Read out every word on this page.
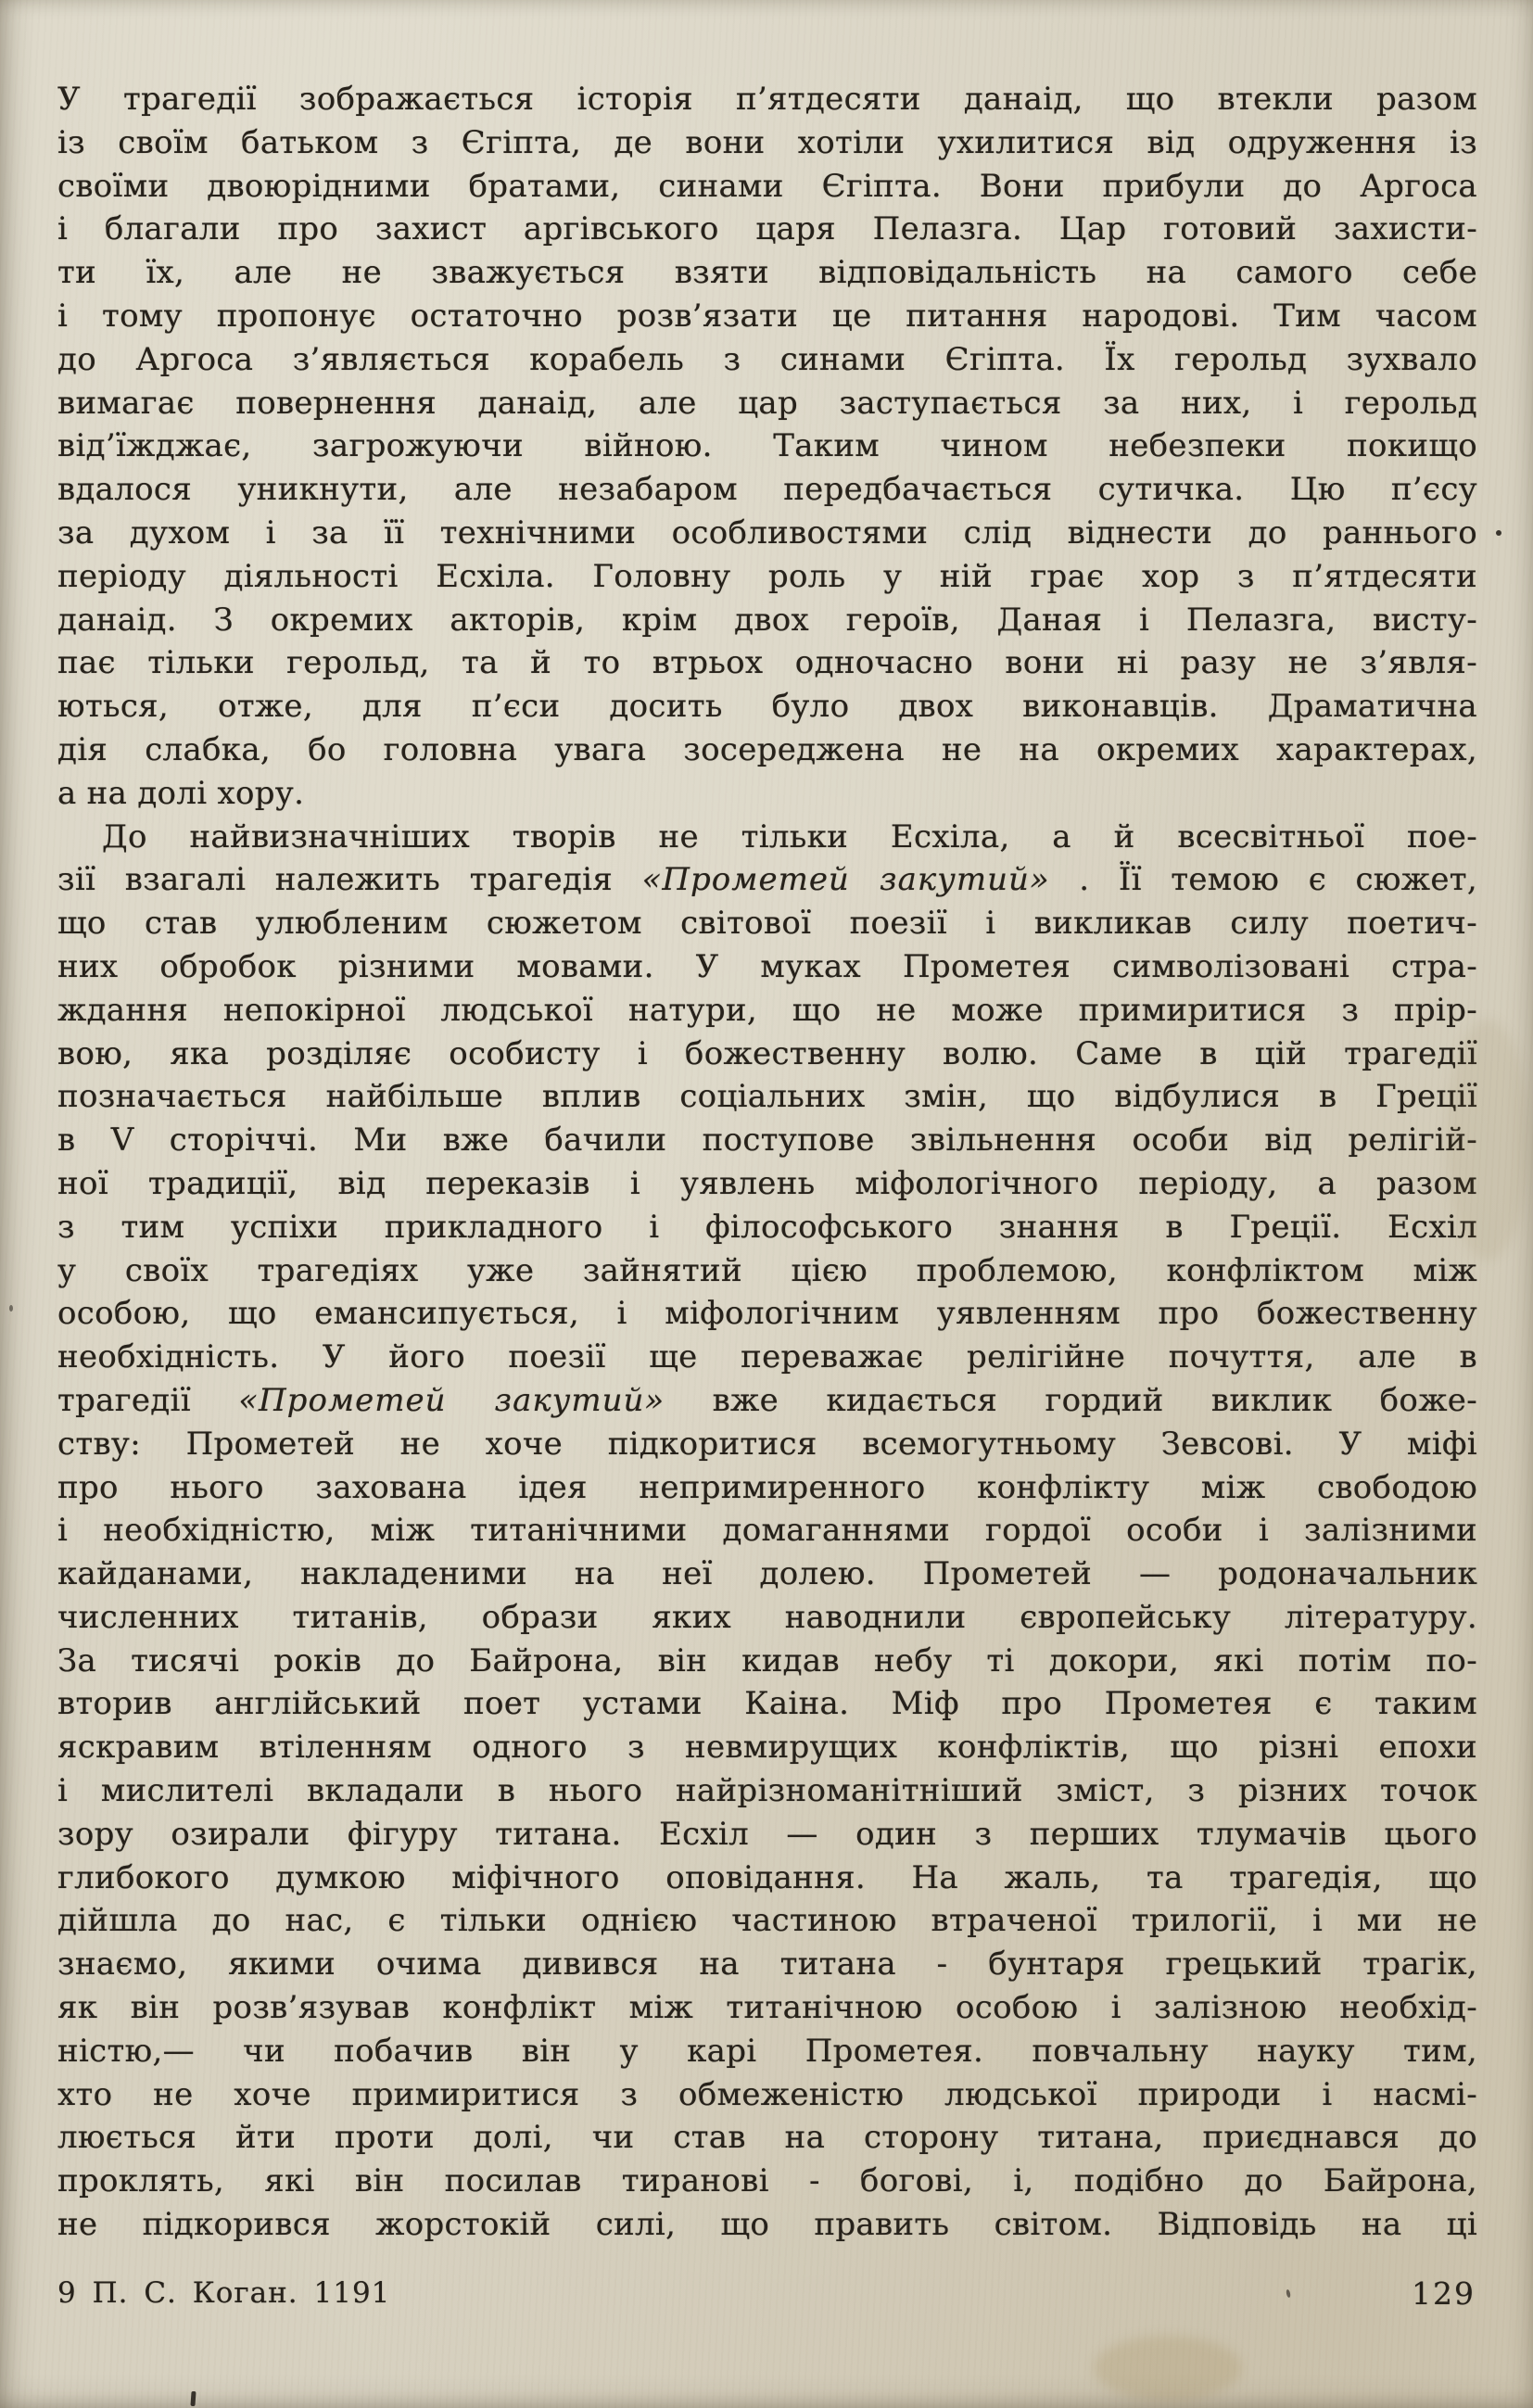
У трагедії зображається історія п’ятдесяти данаід, що втекли разом
із своїм батьком з Єгіпта, де вони хотіли ухилитися від одруження із
своїми двоюрідними братами, синами Єгіпта. Вони прибули до Аргоса
і благали про захист аргівського царя Пелазга. Цар готовий захисти-
ти їх, але не зважується взяти відповідальність на самого себе
і тому пропонує остаточно розв’язати це питання народові. Тим часом
до Аргоса з’являється корабель з синами Єгіпта. Їх герольд зухвало
вимагає повернення данаід, але цар заступається за них, і герольд
від’їжджає, загрожуючи війною. Таким чином небезпеки покищо
вдалося уникнути, але незабаром передбачається сутичка. Цю п’єсу
за духом і за її технічними особливостями слід віднести до раннього
періоду діяльності Есхіла. Головну роль у ній грає хор з п’ятдесяти
данаід. З окремих акторів, крім двох героїв, Даная і Пелазга, висту-
пає тільки герольд, та й то втрьох одночасно вони ні разу не з’явля-
ються, отже, для п’єси досить було двох виконавців. Драматична
дія слабка, бо головна увага зосереджена не на окремих характерах,
а на долі хору.
До найвизначніших творів не тільки Есхіла, а й всесвітньої пое-
зії взагалі належить трагедія «Прометей закутий» . Її темою є сюжет,
що став улюбленим сюжетом світової поезії і викликав силу поетич-
них обробок різними мовами. У муках Прометея символізовані стра-
ждання непокірної людської натури, що не може примиритися з прір-
вою, яка розділяє особисту і божественну волю. Саме в цій трагедії
позначається найбільше вплив соціальних змін, що відбулися в Греції
в V сторіччі. Ми вже бачили поступове звільнення особи від релігій-
ної традиції, від переказів і уявлень міфологічного періоду, а разом
з тим успіхи прикладного і філософського знання в Греції. Есхіл
у своїх трагедіях уже зайнятий цією проблемою, конфліктом між
особою, що емансипується, і міфологічним уявленням про божественну
необхідність. У його поезії ще переважає релігійне почуття, але в
трагедії «Прометей закутий» вже кидається гордий виклик боже-
ству: Прометей не хоче підкоритися всемогутньому Зевсові. У міфі
про нього захована ідея непримиренного конфлікту між свободою
і необхідністю, між титанічними домаганнями гордої особи і залізними
кайданами, накладеними на неї долею. Прометей — родоначальник
численних титанів, образи яких наводнили європейську літературу.
За тисячі років до Байрона, він кидав небу ті докори, які потім по-
вторив англійський поет устами Каіна. Міф про Прометея є таким
яскравим втіленням одного з невмирущих конфліктів, що різні епохи
і мислителі вкладали в нього найрізноманітніший зміст, з різних точок
зору озирали фігуру титана. Есхіл — один з перших тлумачів цього
глибокого думкою міфічного оповідання. На жаль, та трагедія, що
дійшла до нас, є тільки однією частиною втраченої трилогії, і ми не
знаємо, якими очима дивився на титана - бунтаря грецький трагік,
як він розв’язував конфлікт між титанічною особою і залізною необхід-
ністю,— чи побачив він у карі Прометея. повчальну науку тим,
хто не хоче примиритися з обмеженістю людської природи і насмі-
люється йти проти долі, чи став на сторону титана, приєднався до
проклять, які він посилав тиранові - богові, і, подібно до Байрона,
не підкорився жорстокій силі, що править світом. Відповідь на ці
9 П. С. Коган. 1191	129
